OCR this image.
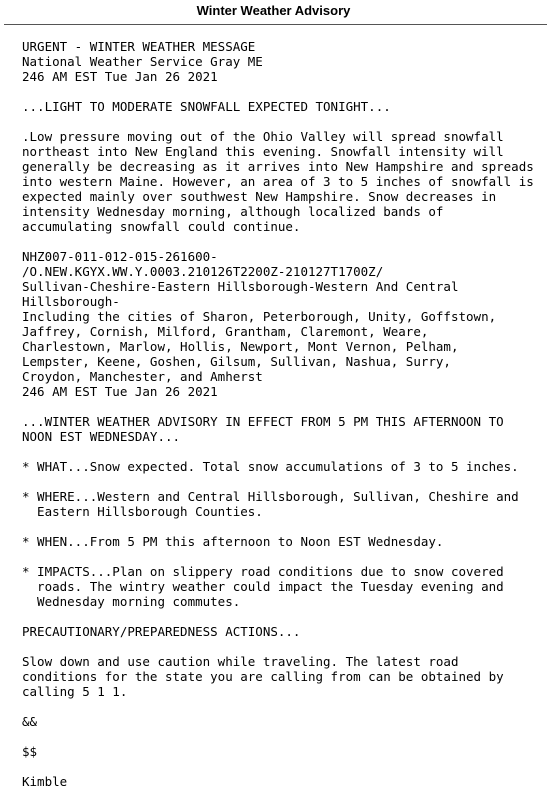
Winter Weather Advisory
URGENT - WINTER WEATHER MESSAGE
National Weather Service Gray ME
246 AM EST Tue Jan 26 2021
...LIGHT TO MODERATE SNOWFALL EXPECTED TONIGHT...
.Low pressure moving out of the Ohio Valley will spread snowfall
northeast into New England this evening. Snowfall intensity will
generally be decreasing as it arrives into New Hampshire and spreads
into western Maine. However, an area of 3 to 5 inches of snowfall is
expected mainly over southwest New Hampshire. Snow decreases in
intensity Wednesday morning, although localized bands of
accumulating snowfall could continue.
NHZ007-011-012-015-261600-
/O.NEW.KGYX.WW.Y.0003.210126T2200Z-210127T1700Z/
Sullivan-Cheshire-Eastern Hillsborough-Western And Central
Hillsborough-
Including the cities of Sharon, Peterborough, Unity, Goffstown,
Jaffrey, Cornish, Milford, Grantham, Claremont, Weare,
Charlestown, Marlow, Hollis, Newport, Mont Vernon, Pelham,
Lempster, Keene, Goshen, Gilsum, Sullivan, Nashua, Surry,
Croydon, Manchester, and Amherst
246 AM EST Tue Jan 26 2021
...WINTER WEATHER ADVISORY IN EFFECT FROM 5 PM THIS AFTERNOON TO
NOON EST WEDNESDAY...
* WHAT...Snow expected. Total snow accumulations of 3 to 5 inches.
* WHERE...Western and Central Hillsborough, Sullivan, Cheshire and
Eastern Hillsborough Counties.
* WHEN...From 5 PM this afternoon to Noon EST Wednesday.
* IMPACTS...Plan on slippery road conditions due to snow covered
roads. The wintry weather could impact the Tuesday evening and
Wednesday morning commutes.
PRECAUTIONARY/PREPAREDNESS ACTIONS...
Slow down and use caution while traveling. The latest road
conditions for the state you are calling from can be obtained by
calling 5 1 1.
&&
$$
Kimble
